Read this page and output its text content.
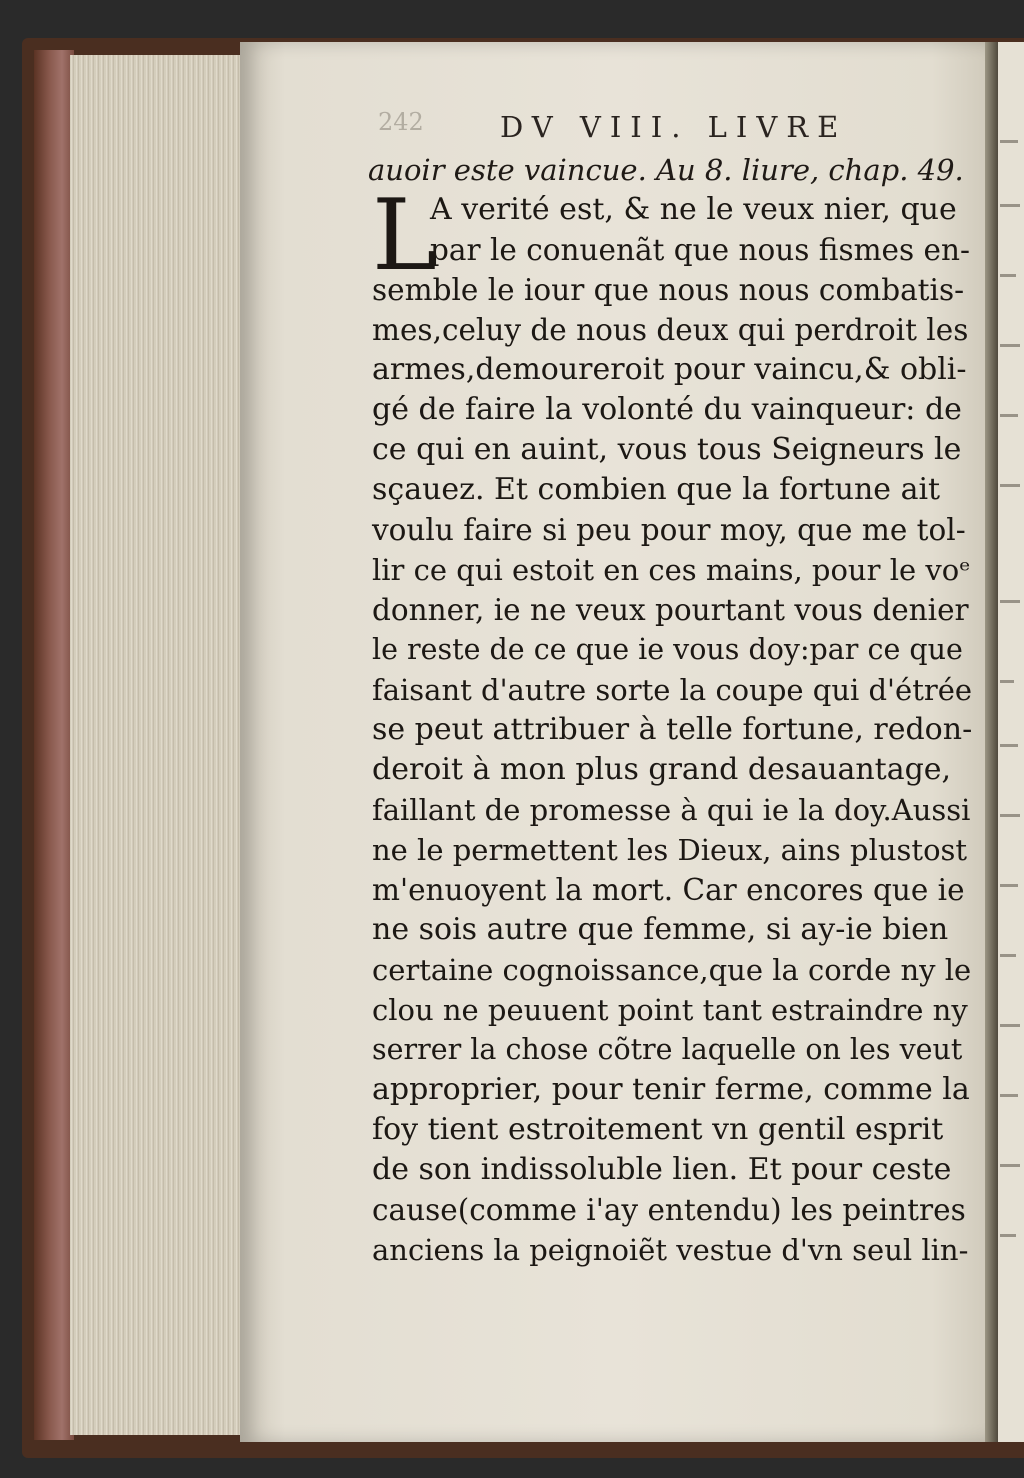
242	DV VIII. LIVRE

auoir este vaincue. Au 8. liure, chap. 49.

L
A verité est, & ne le veux nier, que
par le conuenãt que nous fismes en-
semble le iour que nous nous combatis-
mes,celuy de nous deux qui perdroit les
armes,demoureroit pour vaincu,& obli-
gé de faire la volonté du vainqueur: de
ce qui en auint, vous tous Seigneurs le
sçauez. Et combien que la fortune ait
voulu faire si peu pour moy, que me tol-
lir ce qui estoit en ces mains, pour le voᵉ
donner, ie ne veux pourtant vous denier
le reste de ce que ie vous doy:par ce que
faisant d'autre sorte la coupe qui d'étrée
se peut attribuer à telle fortune, redon-
deroit à mon plus grand desauantage,
faillant de promesse à qui ie la doy.Aussi
ne le permettent les Dieux, ains plustost
m'enuoyent la mort. Car encores que ie
ne sois autre que femme, si ay-ie bien
certaine cognoissance,que la corde ny le
clou ne peuuent point tant estraindre ny
serrer la chose cõtre laquelle on les veut
approprier, pour tenir ferme, comme la
foy tient estroitement vn gentil esprit
de son indissoluble lien. Et pour ceste
cause(comme i'ay entendu) les peintres
anciens la peignoiẽt vestue d'vn seul lin-
